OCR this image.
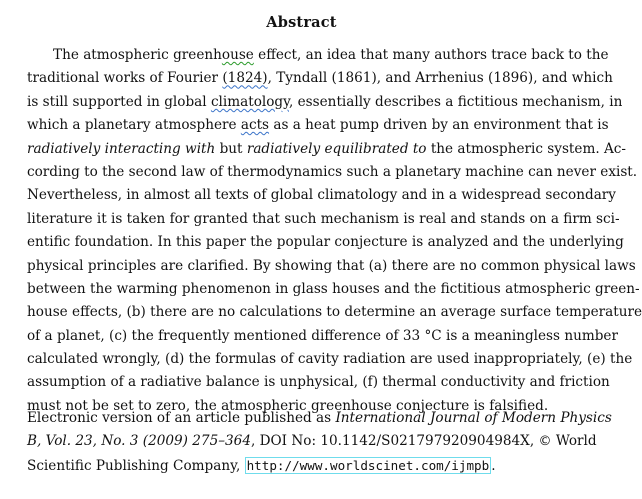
Abstract
The atmospheric greenhouse effect, an idea that many authors trace back to the
traditional works of Fourier (1824), Tyndall (1861), and Arrhenius (1896), and which
is still supported in global climatology, essentially describes a fictitious mechanism, in
which a planetary atmosphere acts as a heat pump driven by an environment that is
radiatively interacting with but radiatively equilibrated to the atmospheric system. Ac-
cording to the second law of thermodynamics such a planetary machine can never exist.
Nevertheless, in almost all texts of global climatology and in a widespread secondary
literature it is taken for granted that such mechanism is real and stands on a firm sci-
entific foundation. In this paper the popular conjecture is analyzed and the underlying
physical principles are clarified. By showing that (a) there are no common physical laws
between the warming phenomenon in glass houses and the fictitious atmospheric green-
house effects, (b) there are no calculations to determine an average surface temperature
of a planet, (c) the frequently mentioned difference of 33 °C is a meaningless number
calculated wrongly, (d) the formulas of cavity radiation are used inappropriately, (e) the
assumption of a radiative balance is unphysical, (f) thermal conductivity and friction
must not be set to zero, the atmospheric greenhouse conjecture is falsified.
Electronic version of an article published as International Journal of Modern Physics
B, Vol. 23, No. 3 (2009) 275–364, DOI No: 10.1142/S021797920904984X, © World
Scientific Publishing Company, http://www.worldscinet.com/ijmpb .
